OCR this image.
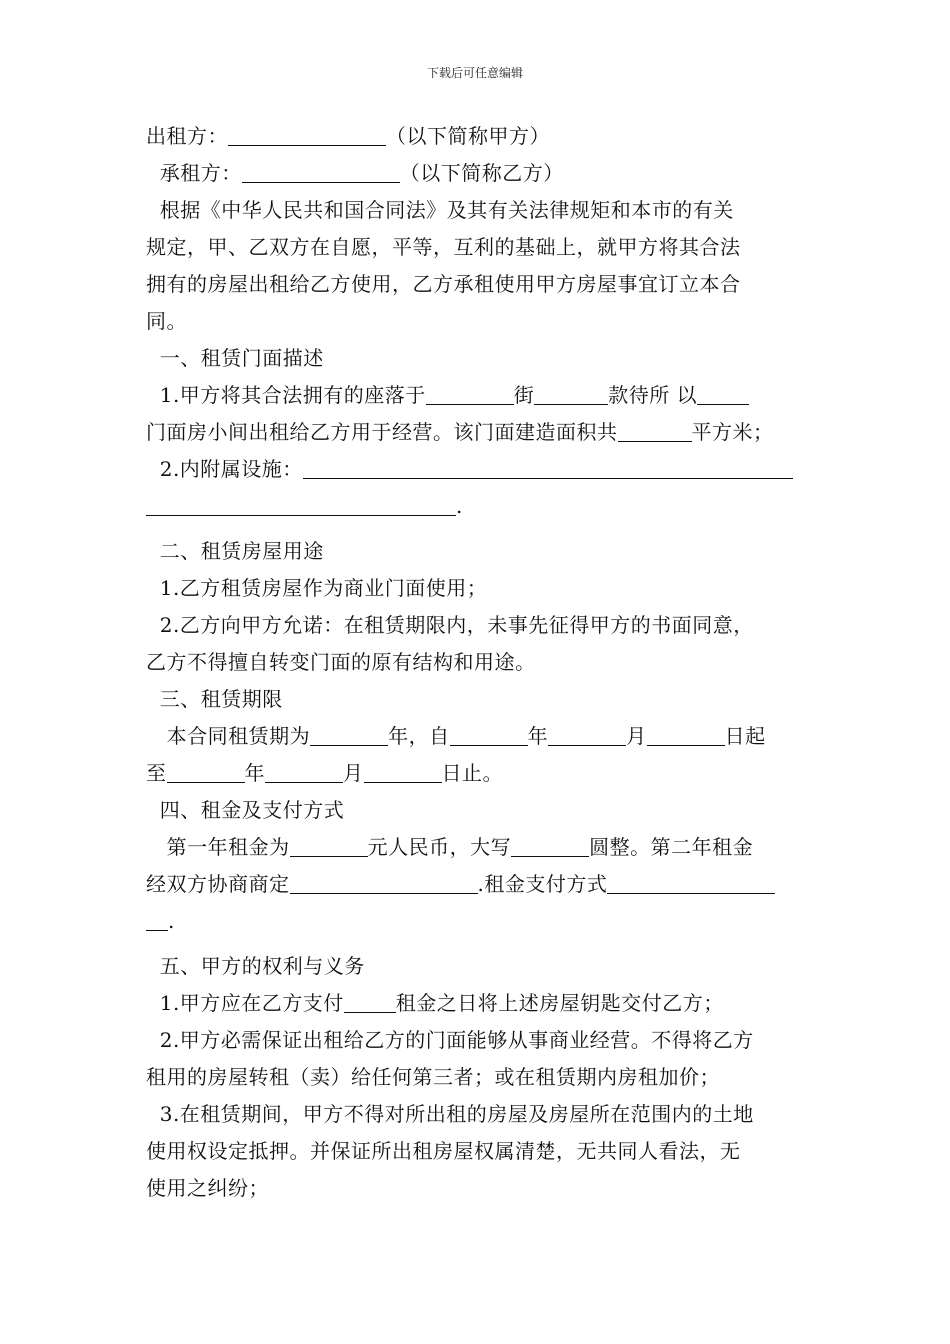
下载后可任意编辑
出租方：	（以下简称甲方）
承租方：	（以下简称乙方）
根据《中华人民共和国合同法》及其有关法律规矩和本市的有关
规定，甲、乙双方在自愿，平等，互利的基础上，就甲方将其合法
拥有的房屋出租给乙方使用，乙方承租使用甲方房屋事宜订立本合
同。
一、租赁门面描述
1.甲方将其合法拥有的座落于	街	款待所 以
门面房小间出租给乙方用于经营。该门面建造面积共	平方米；
2.内附属设施：
.
二、租赁房屋用途
1.乙方租赁房屋作为商业门面使用；
2.乙方向甲方允诺：在租赁期限内，未事先征得甲方的书面同意，
乙方不得擅自转变门面的原有结构和用途。
三、租赁期限
本合同租赁期为	年，自	年	月	日起
至	年	月	日止。
四、租金及支付方式
第一年租金为	元人民币，大写	圆整。第二年租金
经双方协商商定	.租金支付方式
.
五、甲方的权利与义务
1.甲方应在乙方支付	租金之日将上述房屋钥匙交付乙方；
2.甲方必需保证出租给乙方的门面能够从事商业经营。不得将乙方
租用的房屋转租（卖）给任何第三者；或在租赁期内房租加价；
3.在租赁期间，甲方不得对所出租的房屋及房屋所在范围内的土地
使用权设定抵押。并保证所出租房屋权属清楚，无共同人看法，无
使用之纠纷；
